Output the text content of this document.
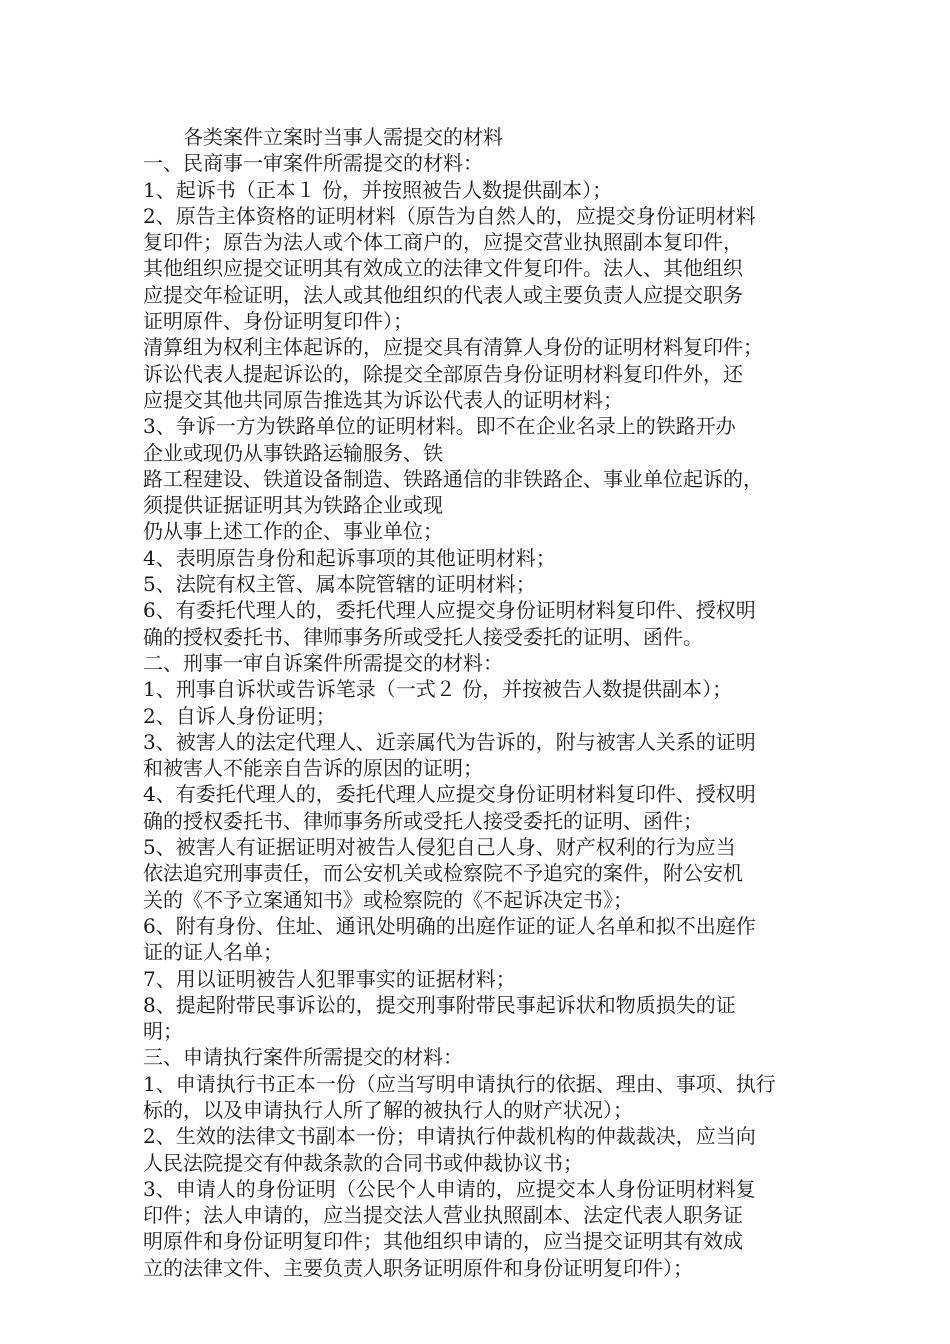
各类案件立案时当事人需提交的材料
一、民商事一审案件所需提交的材料：
1、起诉书（正本１ 份，并按照被告人数提供副本）；
2、原告主体资格的证明材料（原告为自然人的，应提交身份证明材料
复印件；原告为法人或个体工商户的，应提交营业执照副本复印件，
其他组织应提交证明其有效成立的法律文件复印件。法人、其他组织
应提交年检证明，法人或其他组织的代表人或主要负责人应提交职务
证明原件、身份证明复印件）；
清算组为权利主体起诉的，应提交具有清算人身份的证明材料复印件；
诉讼代表人提起诉讼的，除提交全部原告身份证明材料复印件外，还
应提交其他共同原告推选其为诉讼代表人的证明材料；
3、争诉一方为铁路单位的证明材料。即不在企业名录上的铁路开办
企业或现仍从事铁路运输服务、铁
路工程建设、铁道设备制造、铁路通信的非铁路企、事业单位起诉的，
须提供证据证明其为铁路企业或现
仍从事上述工作的企、事业单位；
4、表明原告身份和起诉事项的其他证明材料；
5、法院有权主管、属本院管辖的证明材料；
6、有委托代理人的，委托代理人应提交身份证明材料复印件、授权明
确的授权委托书、律师事务所或受托人接受委托的证明、函件。
二、刑事一审自诉案件所需提交的材料：
1、刑事自诉状或告诉笔录（一式２ 份，并按被告人数提供副本）；
2、自诉人身份证明；
3、被害人的法定代理人、近亲属代为告诉的，附与被害人关系的证明
和被害人不能亲自告诉的原因的证明；
4、有委托代理人的，委托代理人应提交身份证明材料复印件、授权明
确的授权委托书、律师事务所或受托人接受委托的证明、函件；
5、被害人有证据证明对被告人侵犯自己人身、财产权利的行为应当
依法追究刑事责任，而公安机关或检察院不予追究的案件，附公安机
关的《不予立案通知书》或检察院的《不起诉决定书》；
6、附有身份、住址、通讯处明确的出庭作证的证人名单和拟不出庭作
证的证人名单；
7、用以证明被告人犯罪事实的证据材料；
8、提起附带民事诉讼的，提交刑事附带民事起诉状和物质损失的证
明；
三、申请执行案件所需提交的材料：
1、申请执行书正本一份（应当写明申请执行的依据、理由、事项、执行
标的，以及申请执行人所了解的被执行人的财产状况）；
2、生效的法律文书副本一份；申请执行仲裁机构的仲裁裁决，应当向
人民法院提交有仲裁条款的合同书或仲裁协议书；
3、申请人的身份证明（公民个人申请的，应提交本人身份证明材料复
印件；法人申请的，应当提交法人营业执照副本、法定代表人职务证
明原件和身份证明复印件；其他组织申请的，应当提交证明其有效成
立的法律文件、主要负责人职务证明原件和身份证明复印件）；
